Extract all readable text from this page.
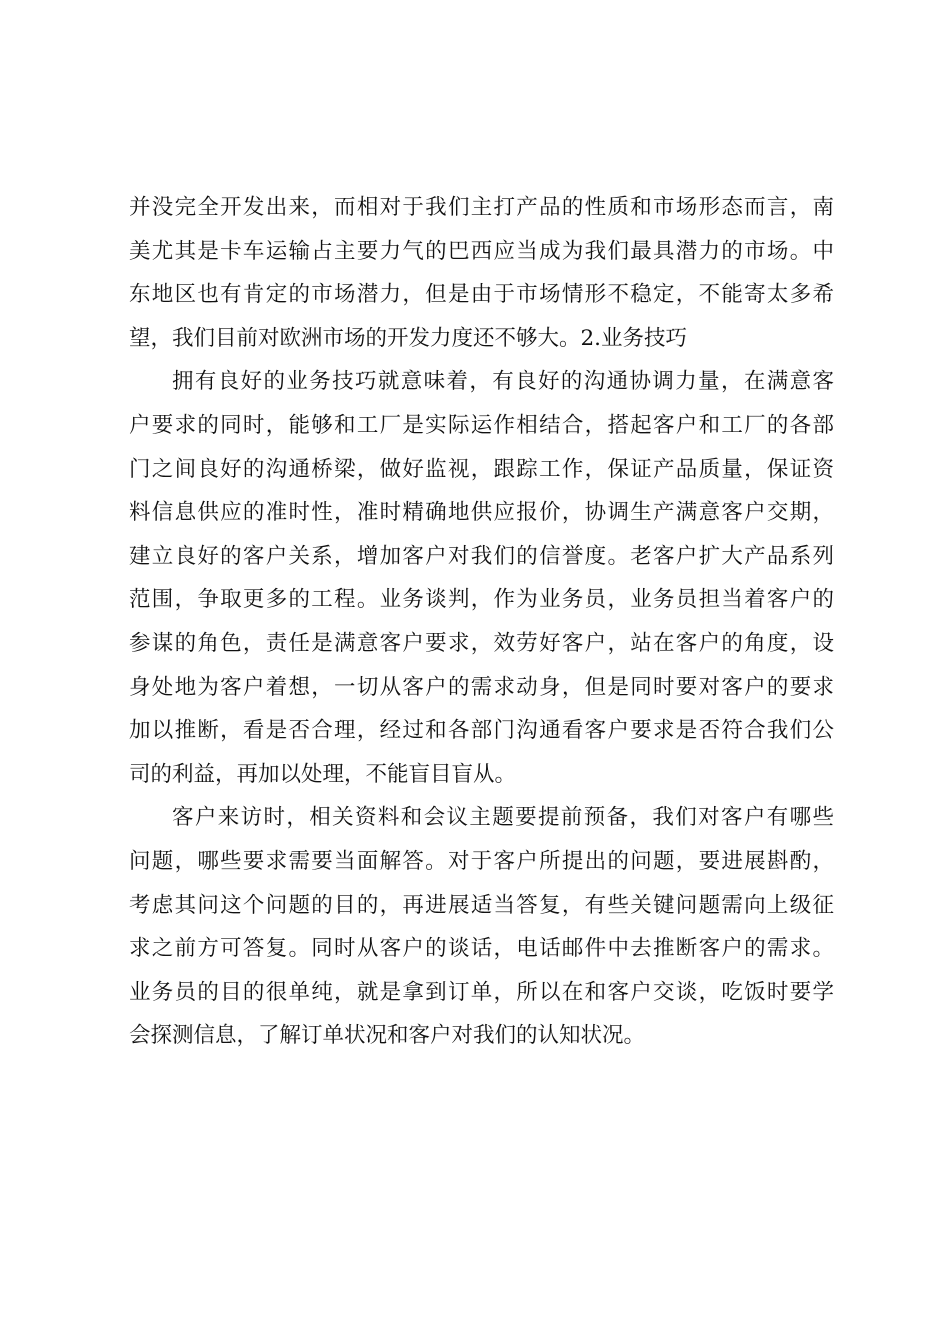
并没完全开发出来，而相对于我们主打产品的性质和市场形态而言，南
美尤其是卡车运输占主要力气的巴西应当成为我们最具潜力的市场。中
东地区也有肯定的市场潜力，但是由于市场情形不稳定，不能寄太多希
望，我们目前对欧洲市场的开发力度还不够大。2.业务技巧
拥有良好的业务技巧就意味着，有良好的沟通协调力量，在满意客
户要求的同时，能够和工厂是实际运作相结合，搭起客户和工厂的各部
门之间良好的沟通桥梁，做好监视，跟踪工作，保证产品质量，保证资
料信息供应的准时性，准时精确地供应报价，协调生产满意客户交期，
建立良好的客户关系，增加客户对我们的信誉度。老客户扩大产品系列
范围，争取更多的工程。业务谈判，作为业务员，业务员担当着客户的
参谋的角色，责任是满意客户要求，效劳好客户，站在客户的角度，设
身处地为客户着想，一切从客户的需求动身，但是同时要对客户的要求
加以推断，看是否合理，经过和各部门沟通看客户要求是否符合我们公
司的利益，再加以处理，不能盲目盲从。
客户来访时，相关资料和会议主题要提前预备，我们对客户有哪些
问题，哪些要求需要当面解答。对于客户所提出的问题，要进展斟酌，
考虑其问这个问题的目的，再进展适当答复，有些关键问题需向上级征
求之前方可答复。同时从客户的谈话，电话邮件中去推断客户的需求。
业务员的目的很单纯，就是拿到订单，所以在和客户交谈，吃饭时要学
会探测信息，了解订单状况和客户对我们的认知状况。
